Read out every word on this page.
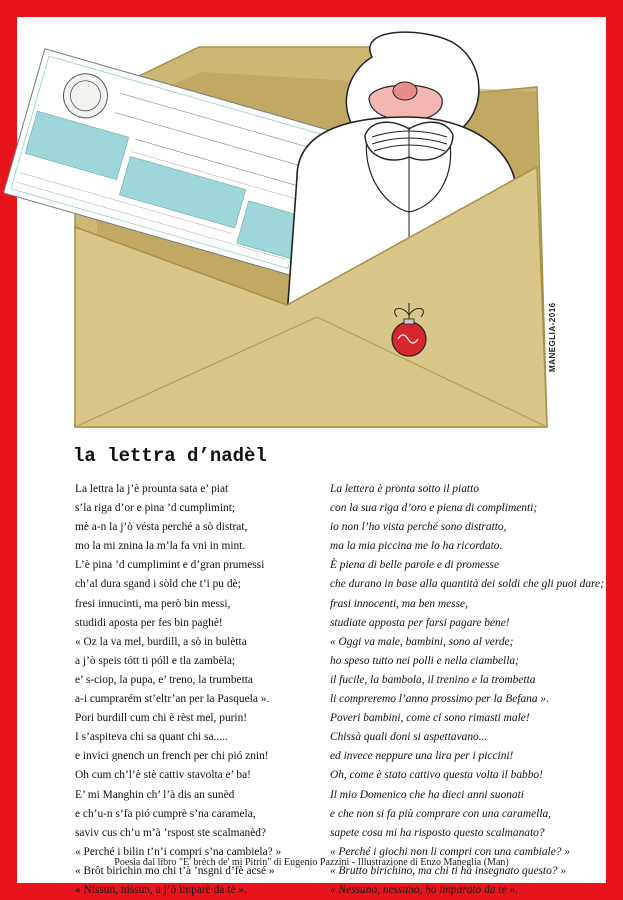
MANEGLIA-2016
la lettra d’nadèl
La lettra la j’è prounta sata e’ piat
s’la riga d’or e pina ’d cumplimint;
mè a-n la j’ò vésta perché a sò distrat,
mo la mi znina la m’la fa vni in mint.
L’è pina ’d cumplimint e d’gran prumessi
ch’al dura sgand i sòld che t’i pu dè;
fresi innucinti, ma però bin messi,
studidi aposta per fes bin paghè!
« Oz la va mel, burdill, a sò in bulètta
a j’ò speis tótt ti póll e tla zambèla;
e’ s-ciop, la pupa, e’ treno, la trumbetta
a-i cumprarém st’eltr’an per la Pasquela ».
Pori burdill cum chi è rèst mel, purin!
I s’aspiteva chi sa quant chi sa.....
e invici gnench un french per chi pió znin!
Oh cum ch’l’è stè cattiv stavolta e’ ba!
E’ mi Manghin ch’ l’à dis an sunèd
e ch’u-n s’fa pió cumprè s’na caramela,
saviv cus ch’u m’à ’rspost ste scalmanèd?
« Perché i bilin t’n’i compri s’na cambiela? »
« Brôt birichin mo chi t’à ’nsgni d’fè acsé »
« Nissun, nissun, a j’ò imparè da tè ».
La lettera è pronta sotto il piatto
con la sua riga d’oro e piena di complimenti;
io non l’ho vista perché sono distratto,
ma la mia piccina me lo ha ricordato.
È piena di belle parole e di promesse
che durano in base alla quantità dei soldi che gli puoi dare;
frasi innocenti, ma ben messe,
studiate apposta per farsi pagare bene!
« Oggi va male, bambini, sono al verde;
ho speso tutto nei polli e nella ciambella;
il fucile, la bambola, il trenino e la trombetta
li compreremo l’anno prossimo per la Befana ».
Poveri bambini, come ci sono rimasti male!
Chissà quali doni si aspettavano...
ed invece neppure una lira per i piccini!
Oh, come è stato cattivo questa volta il babbo!
Il mio Domenico che ha dieci anni suonati
e che non si fa più comprare con una caramella,
sapete cosa mi ha risposto questo scalmanato?
« Perché i giochi non li compri con una cambiale? »
« Brutto birichino, ma chi ti ha insegnato questo? »
« Nessuno, nessuno, ho imparato da te ».
Poesia dal libro "E' bréch de' mi Pitrin" di Eugenio Pazzini - Illustrazione di Enzo Maneglia (Man)
